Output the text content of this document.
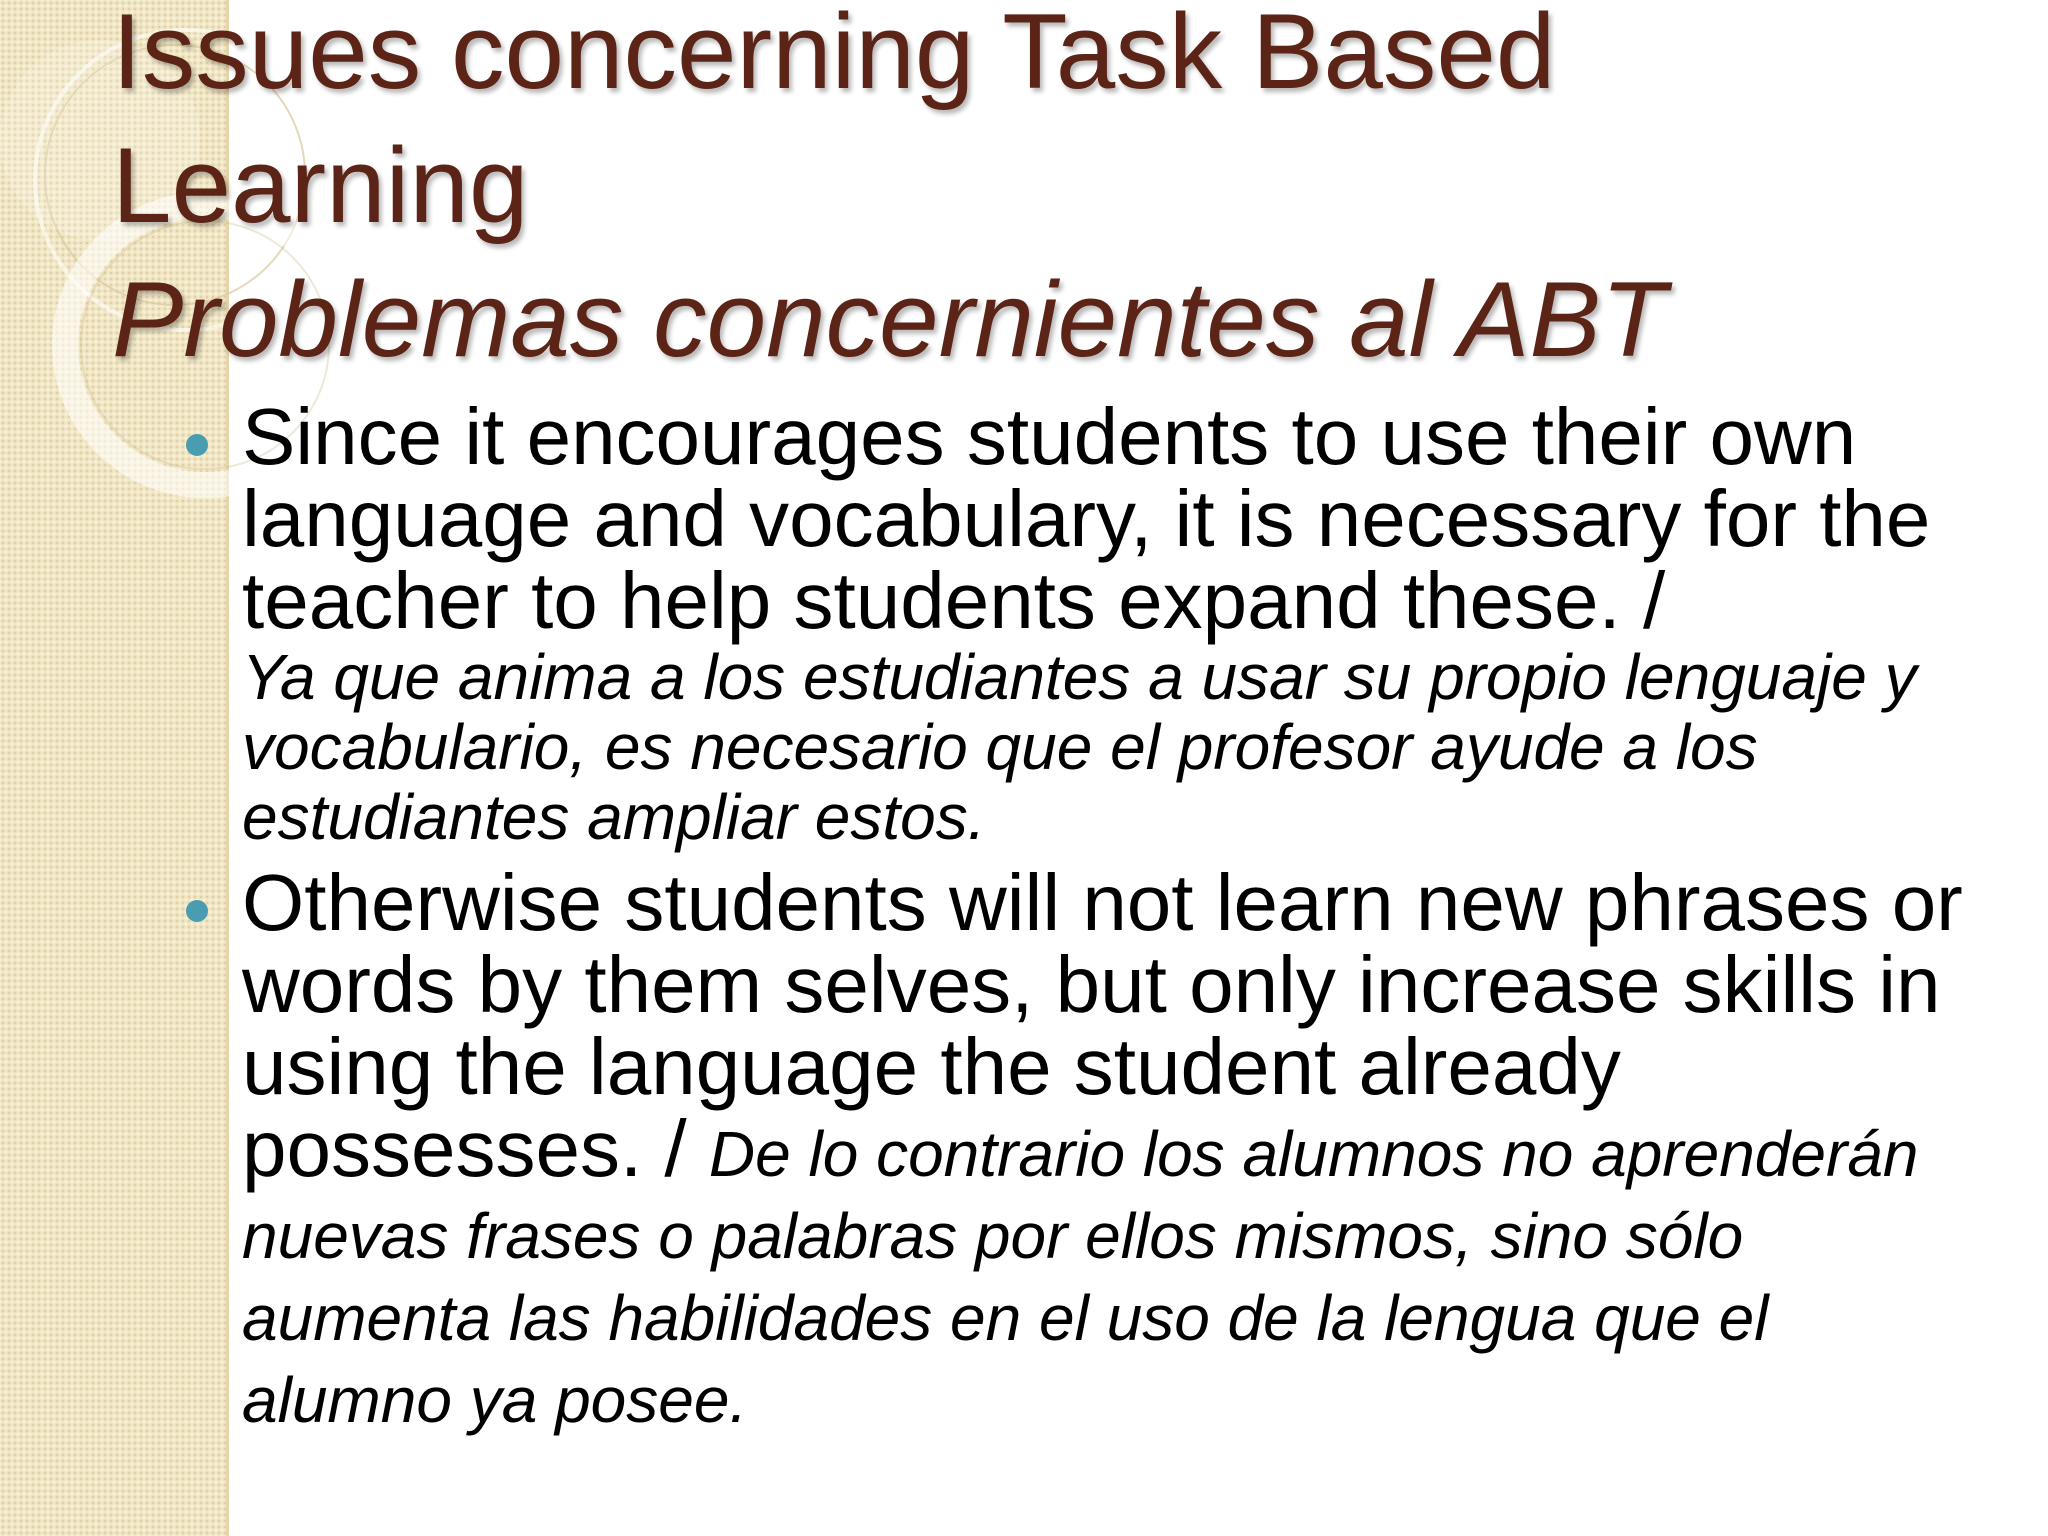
Issues concerning Task Based
Learning
Problemas concernientes al ABT
Since it encourages students to use their own language and vocabulary, it is necessary for the teacher to help students expand these. /
Ya que anima a los estudiantes a usar su propio lenguaje y vocabulario, es necesario que el profesor ayude a los estudiantes ampliar estos.
Otherwise students will not learn new phrases or words by them selves, but only increase skills in using the language the student already possesses. / De lo contrario los alumnos no aprenderán nuevas frases o palabras por ellos mismos, sino sólo aumenta las habilidades en el uso de la lengua que el alumno ya posee.
